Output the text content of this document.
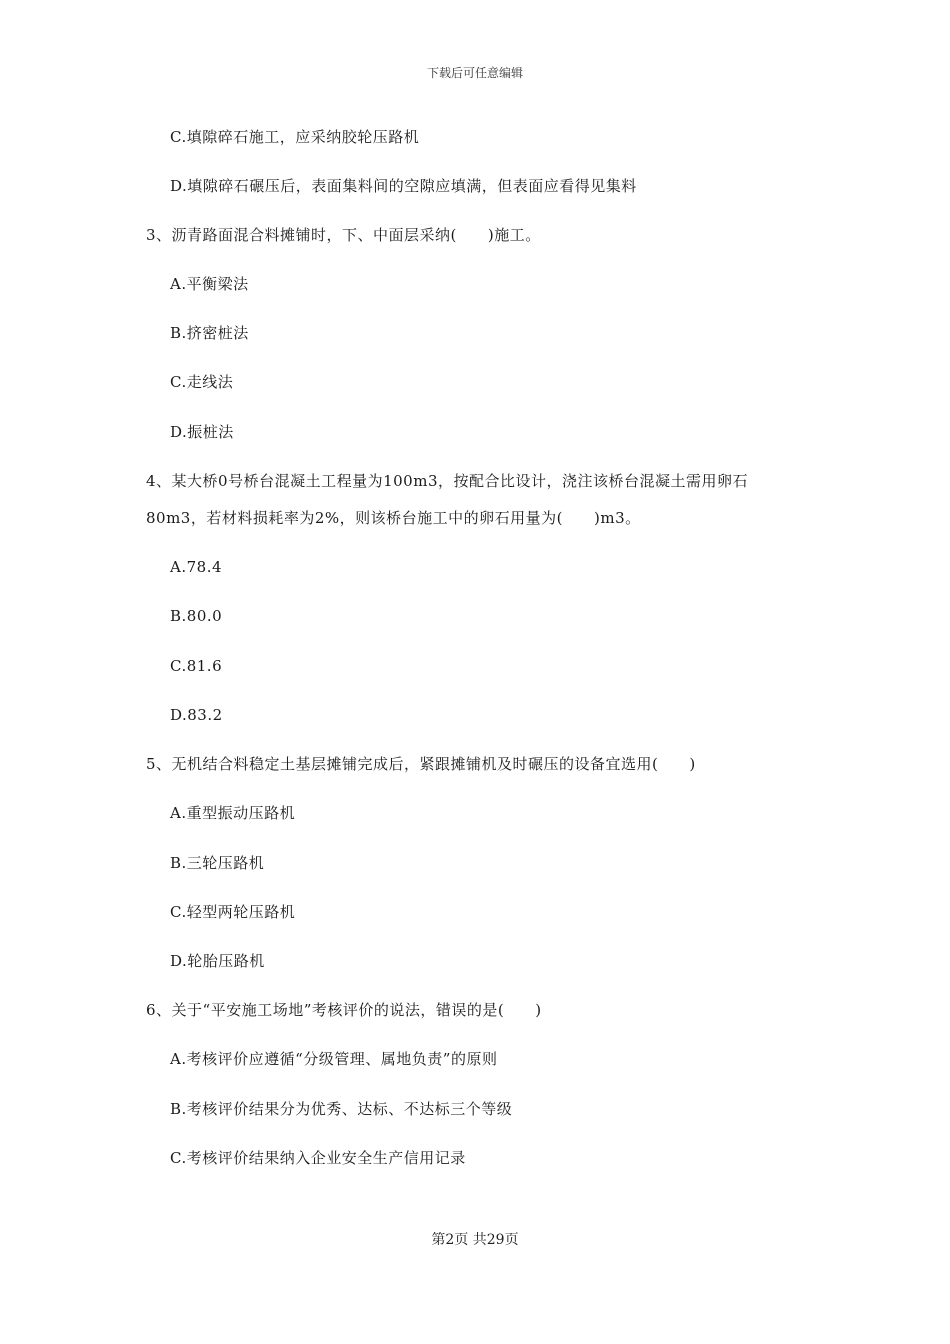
下载后可任意编辑
C.填隙碎石施工，应采纳胶轮压路机
D.填隙碎石碾压后，表面集料间的空隙应填满，但表面应看得见集料
3、沥青路面混合料摊铺时，下、中面层采纳(　　)施工。
A.平衡梁法
B.挤密桩法
C.走线法
D.振桩法
4、某大桥0号桥台混凝土工程量为100m3，按配合比设计，浇注该桥台混凝土需用卵石
80m3，若材料损耗率为2%，则该桥台施工中的卵石用量为(　　)m3。
A.78.4
B.80.0
C.81.6
D.83.2
5、无机结合料稳定土基层摊铺完成后，紧跟摊铺机及时碾压的设备宜选用(　　)
A.重型振动压路机
B.三轮压路机
C.轻型两轮压路机
D.轮胎压路机
6、关于“平安施工场地”考核评价的说法，错误的是(　　)
A.考核评价应遵循“分级管理、属地负责”的原则
B.考核评价结果分为优秀、达标、不达标三个等级
C.考核评价结果纳入企业安全生产信用记录
第2页 共29页
